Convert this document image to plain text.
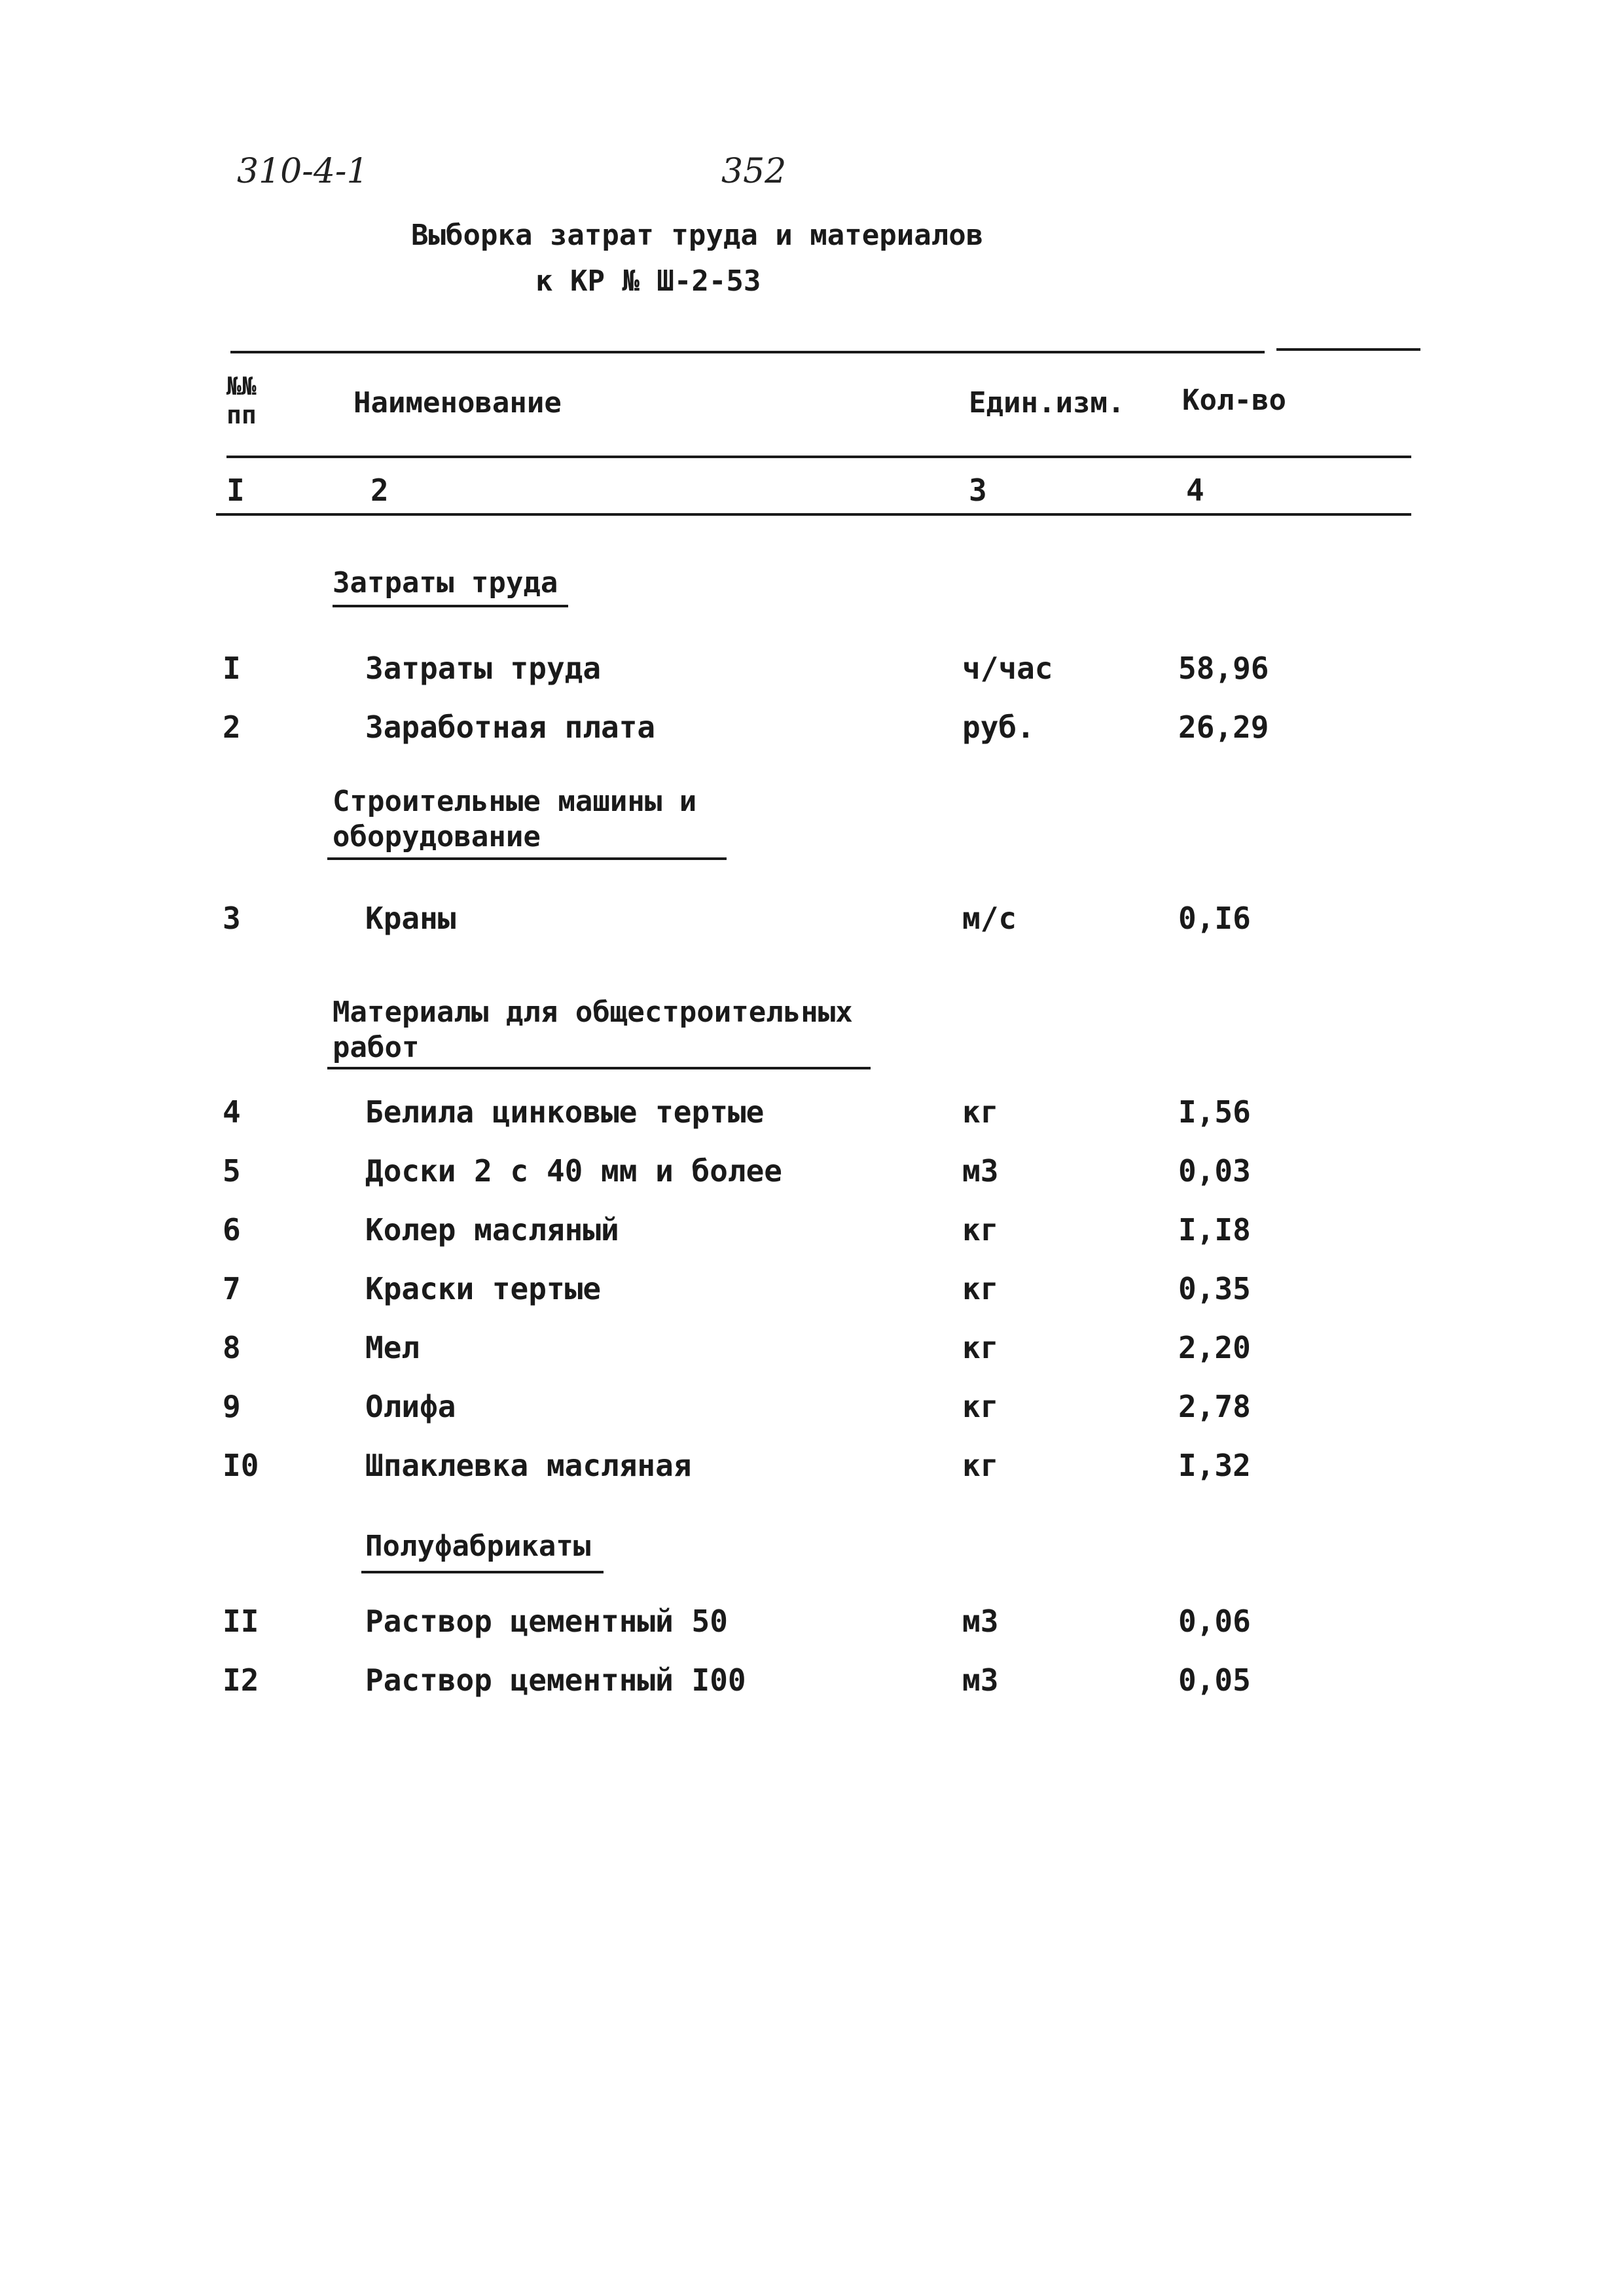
310-4-1	352
Выборка затрат труда и материалов
к КР № Ш-2-53
№№
пп	Наименование	Един.изм. Кол-во
I	2	3	4
Затраты труда
I	Затраты труда	ч/час	58,96
2	Заработная плата	руб.	26,29
Строительные машины и
оборудование
3	Краны	м/с	0,I6
Материалы для общестроительных
работ
4	Белила цинковые тертые	кг	I,56
5	Доски 2 с 40 мм и более	м3	0,03
6	Колер масляный	кг	I,I8
7	Краски тертые	кг	0,35
8	Мел	кг	2,20
9	Олифа	кг	2,78
I0	Шпаклевка масляная	кг	I,32
Полуфабрикаты
II	Раствор цементный 50	м3	0,06
I2	Раствор цементный I00	м3	0,05
